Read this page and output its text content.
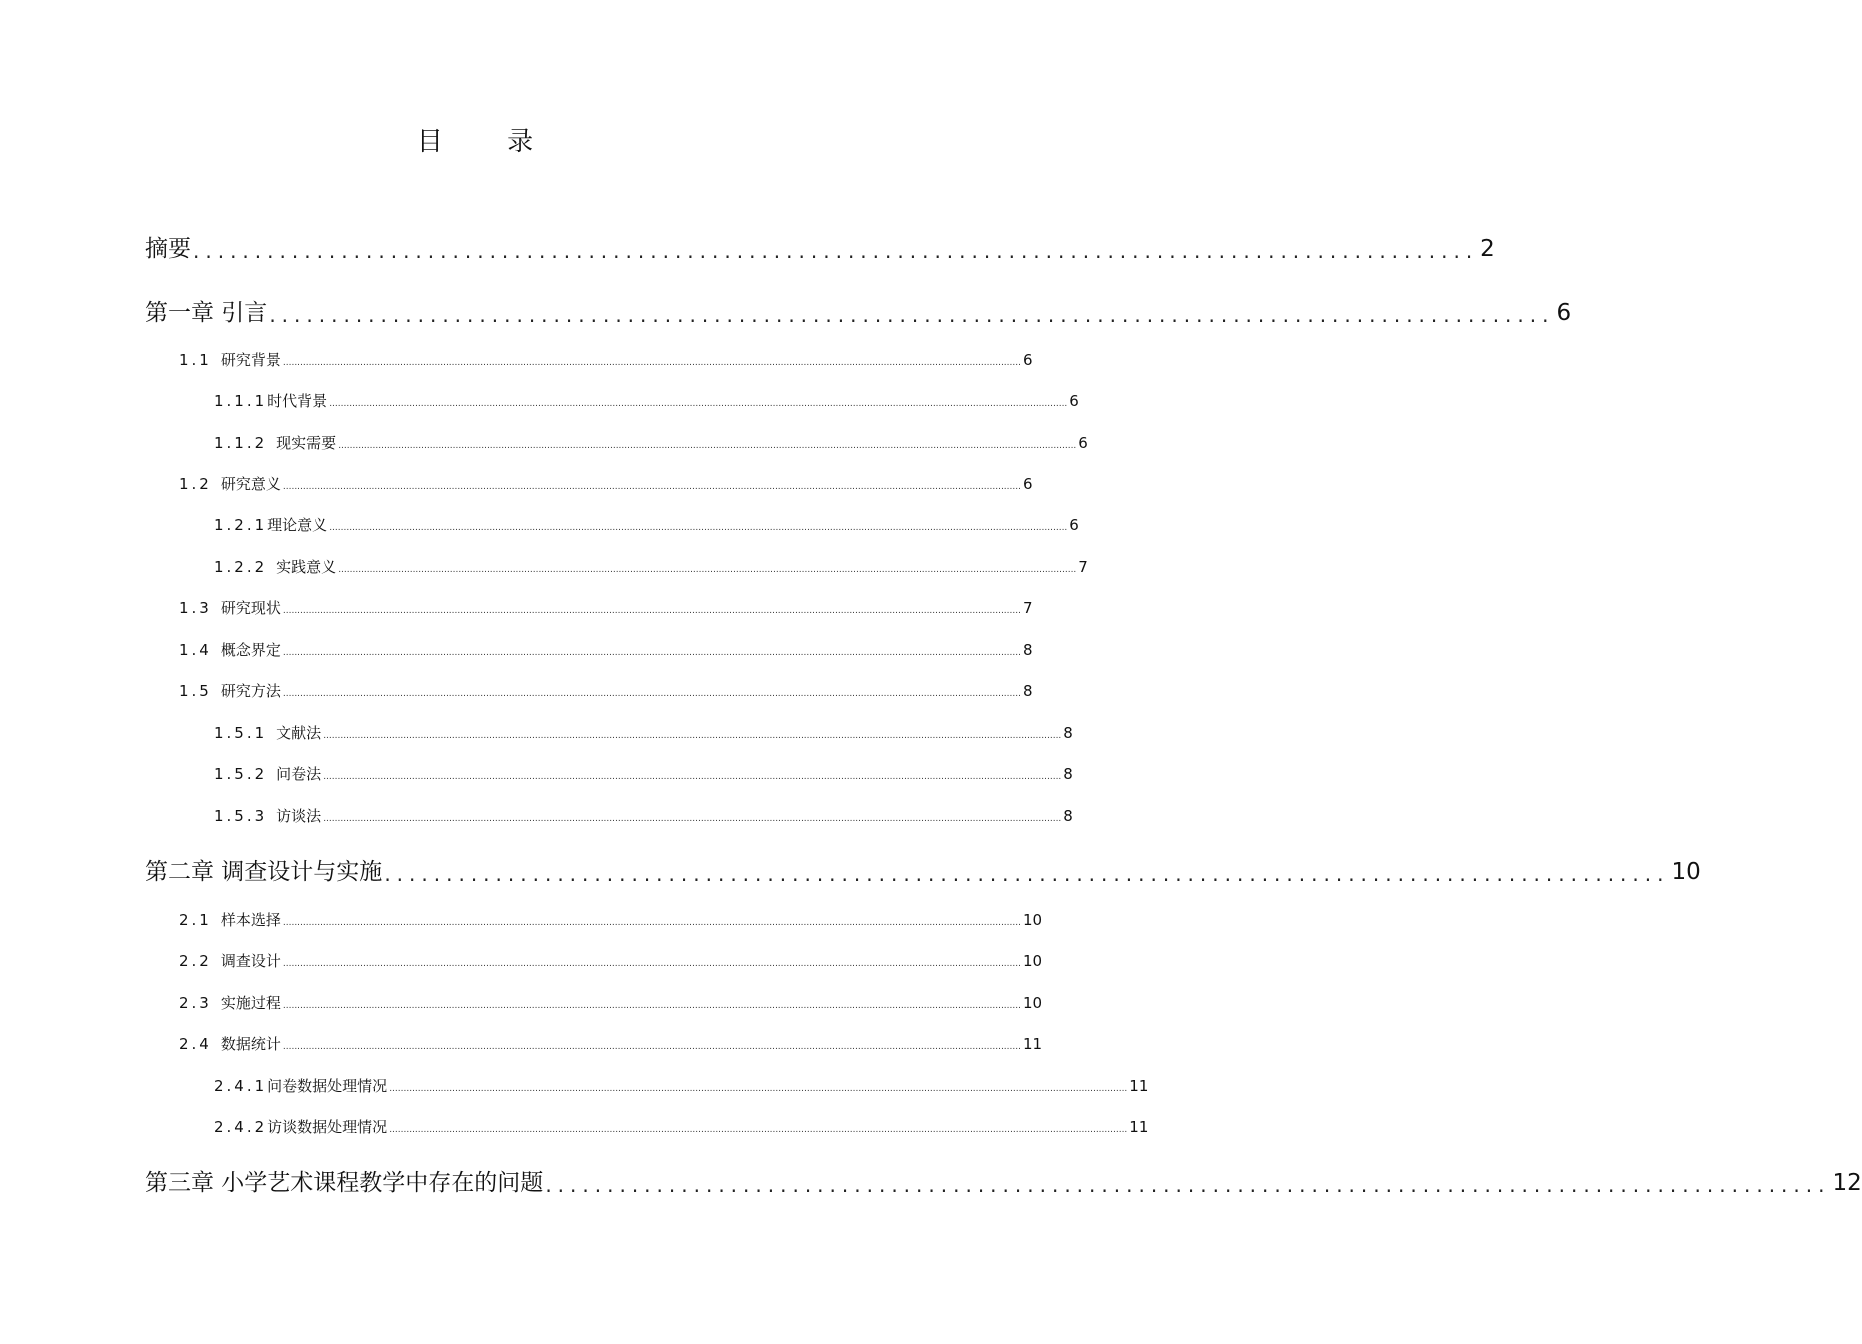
目 录
摘要 ........................................................................................................ 2
第一章 引言 ........................................................................................................ 6
1.1 研究背景 .................................................................................................................................................................................................................................................................. 6
1.1.1时代背景 .................................................................................................................................................................................................................................................................. 6
1.1.2 现实需要 .................................................................................................................................................................................................................................................................. 6
1.2 研究意义 .................................................................................................................................................................................................................................................................. 6
1.2.1理论意义 .................................................................................................................................................................................................................................................................. 6
1.2.2 实践意义 .................................................................................................................................................................................................................................................................. 7
1.3 研究现状 .................................................................................................................................................................................................................................................................. 7
1.4 概念界定 .................................................................................................................................................................................................................................................................. 8
1.5 研究方法 .................................................................................................................................................................................................................................................................. 8
1.5.1 文献法 .................................................................................................................................................................................................................................................................. 8
1.5.2 问卷法 .................................................................................................................................................................................................................................................................. 8
1.5.3 访谈法 .................................................................................................................................................................................................................................................................. 8
第二章 调查设计与实施 ........................................................................................................ 10
2.1 样本选择 .................................................................................................................................................................................................................................................................. 10
2.2 调查设计 .................................................................................................................................................................................................................................................................. 10
2.3 实施过程 .................................................................................................................................................................................................................................................................. 10
2.4 数据统计 .................................................................................................................................................................................................................................................................. 11
2.4.1问卷数据处理情况 .................................................................................................................................................................................................................................................................. 11
2.4.2访谈数据处理情况 .................................................................................................................................................................................................................................................................. 11
第三章 小学艺术课程教学中存在的问题 ........................................................................................................ 12
